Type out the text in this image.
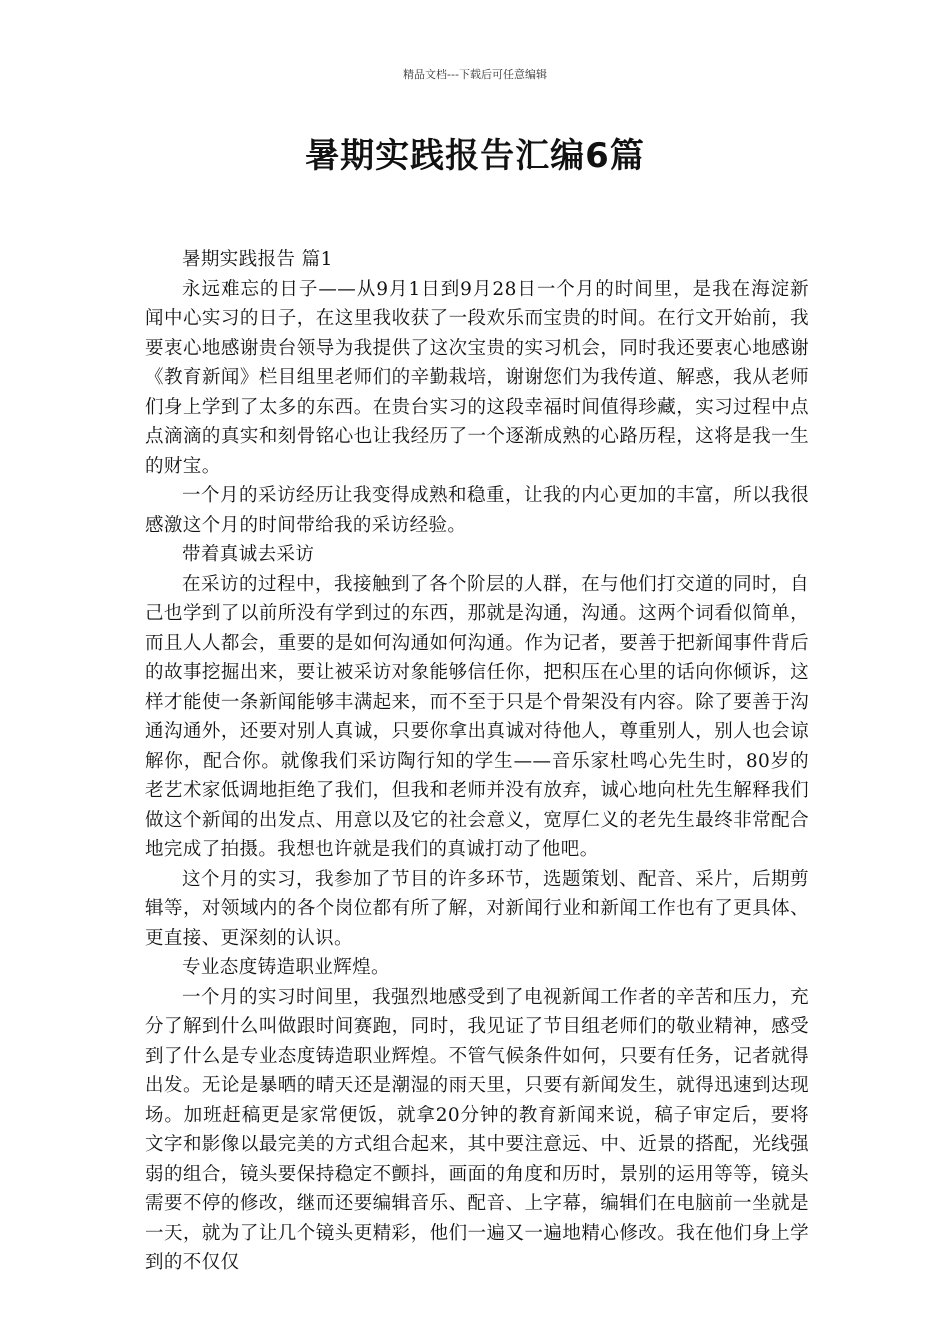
精品文档---下载后可任意编辑
暑期实践报告汇编6篇

暑期实践报告 篇1

永远难忘的日子——从9月1日到9月28日一个月的时间里，是我在海淀新闻中心实习的日子，在这里我收获了一段欢乐而宝贵的时间。在行文开始前，我要衷心地感谢贵台领导为我提供了这次宝贵的实习机会，同时我还要衷心地感谢《教育新闻》栏目组里老师们的辛勤栽培，谢谢您们为我传道、解惑，我从老师们身上学到了太多的东西。在贵台实习的这段幸福时间值得珍藏，实习过程中点点滴滴的真实和刻骨铭心也让我经历了一个逐渐成熟的心路历程，这将是我一生的财宝。

一个月的采访经历让我变得成熟和稳重，让我的内心更加的丰富，所以我很感激这个月的时间带给我的采访经验。

带着真诚去采访

在采访的过程中，我接触到了各个阶层的人群，在与他们打交道的同时，自己也学到了以前所没有学到过的东西，那就是沟通，沟通。这两个词看似简单，而且人人都会，重要的是如何沟通如何沟通。作为记者，要善于把新闻事件背后的故事挖掘出来，要让被采访对象能够信任你，把积压在心里的话向你倾诉，这样才能使一条新闻能够丰满起来，而不至于只是个骨架没有内容。除了要善于沟通沟通外，还要对别人真诚，只要你拿出真诚对待他人，尊重别人，别人也会谅解你，配合你。就像我们采访陶行知的学生——音乐家杜鸣心先生时，80岁的老艺术家低调地拒绝了我们，但我和老师并没有放弃，诚心地向杜先生解释我们做这个新闻的出发点、用意以及它的社会意义，宽厚仁义的老先生最终非常配合地完成了拍摄。我想也许就是我们的真诚打动了他吧。

这个月的实习，我参加了节目的许多环节，选题策划、配音、采片，后期剪辑等，对领域内的各个岗位都有所了解，对新闻行业和新闻工作也有了更具体、更直接、更深刻的认识。

专业态度铸造职业辉煌。

一个月的实习时间里，我强烈地感受到了电视新闻工作者的辛苦和压力，充分了解到什么叫做跟时间赛跑，同时，我见证了节目组老师们的敬业精神，感受到了什么是专业态度铸造职业辉煌。不管气候条件如何，只要有任务，记者就得出发。无论是暴晒的晴天还是潮湿的雨天里，只要有新闻发生，就得迅速到达现场。加班赶稿更是家常便饭，就拿20分钟的教育新闻来说，稿子审定后，要将文字和影像以最完美的方式组合起来，其中要注意远、中、近景的搭配，光线强弱的组合，镜头要保持稳定不颤抖，画面的角度和历时，景别的运用等等，镜头需要不停的修改，继而还要编辑音乐、配音、上字幕，编辑们在电脑前一坐就是一天，就为了让几个镜头更精彩，他们一遍又一遍地精心修改。我在他们身上学到的不仅仅
